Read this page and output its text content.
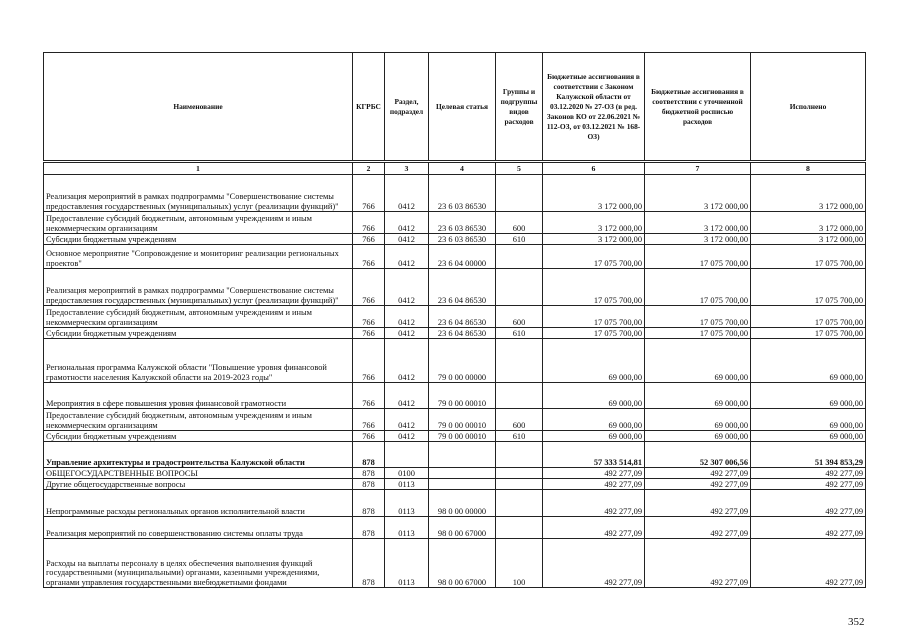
Наименование	КГРБС	Раздел, подраздел	Целевая статья	Группы и подгруппы видов расходов	Бюджетные ассигнования в соответствии с Законом Калужской области от 03.12.2020 № 27-ОЗ (в ред. Законов КО от 22.06.2021 № 112-ОЗ, от 03.12.2021 № 168-ОЗ)	Бюджетные ассигнования в соответствии с уточненной бюджетной росписью расходов	Исполнено
1	2	3	4	5	6	7	8
Реализация мероприятий в рамках подпрограммы "Совершенствование системы предоставления государственных (муниципальных) услуг (реализации функций)"	766	0412	23 6 03 86530		3 172 000,00	3 172 000,00	3 172 000,00
Предоставление субсидий бюджетным, автономным учреждениям и иным некоммерческим организациям	766	0412	23 6 03 86530	600	3 172 000,00	3 172 000,00	3 172 000,00
Субсидии бюджетным учреждениям	766	0412	23 6 03 86530	610	3 172 000,00	3 172 000,00	3 172 000,00
Основное мероприятие "Сопровождение и мониторинг реализации региональных проектов"	766	0412	23 6 04 00000		17 075 700,00	17 075 700,00	17 075 700,00
Реализация мероприятий в рамках подпрограммы "Совершенствование системы предоставления государственных (муниципальных) услуг (реализации функций)"	766	0412	23 6 04 86530		17 075 700,00	17 075 700,00	17 075 700,00
Предоставление субсидий бюджетным, автономным учреждениям и иным некоммерческим организациям	766	0412	23 6 04 86530	600	17 075 700,00	17 075 700,00	17 075 700,00
Субсидии бюджетным учреждениям	766	0412	23 6 04 86530	610	17 075 700,00	17 075 700,00	17 075 700,00
Региональная программа Калужской области "Повышение уровня финансовой грамотности населения Калужской области на 2019-2023 годы"	766	0412	79 0 00 00000		69 000,00	69 000,00	69 000,00
Мероприятия в сфере повышения уровня финансовой грамотности	766	0412	79 0 00 00010		69 000,00	69 000,00	69 000,00
Предоставление субсидий бюджетным, автономным учреждениям и иным некоммерческим организациям	766	0412	79 0 00 00010	600	69 000,00	69 000,00	69 000,00
Субсидии бюджетным учреждениям	766	0412	79 0 00 00010	610	69 000,00	69 000,00	69 000,00
Управление архитектуры и градостроительства Калужской области	878				57 333 514,81	52 307 006,56	51 394 853,29
ОБЩЕГОСУДАРСТВЕННЫЕ ВОПРОСЫ	878	0100			492 277,09	492 277,09	492 277,09
Другие общегосударственные вопросы	878	0113			492 277,09	492 277,09	492 277,09
Непрограммные расходы региональных органов исполнительной власти	878	0113	98 0 00 00000		492 277,09	492 277,09	492 277,09
Реализация мероприятий по совершенствованию системы оплаты труда	878	0113	98 0 00 67000		492 277,09	492 277,09	492 277,09
Расходы на выплаты персоналу в целях обеспечения выполнения функций государственными (муниципальными) органами, казенными учреждениями, органами управления государственными внебюджетными фондами	878	0113	98 0 00 67000	100	492 277,09	492 277,09	492 277,09
352
